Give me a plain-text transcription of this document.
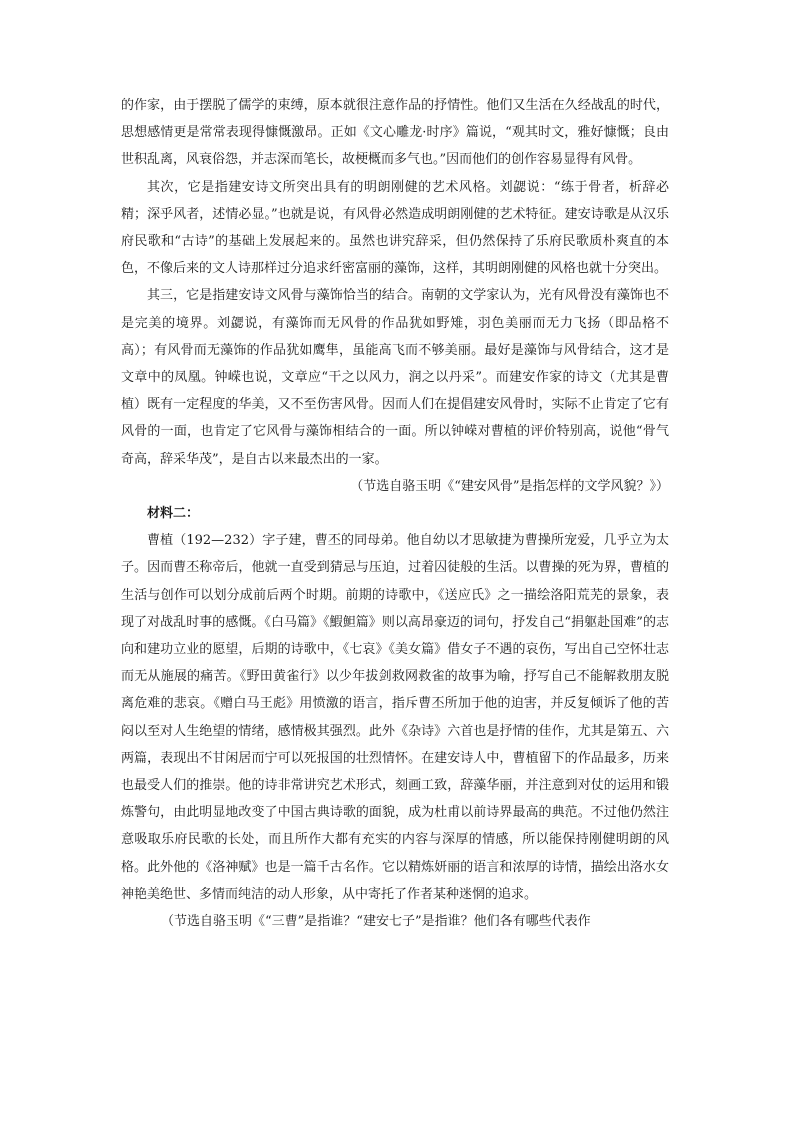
的作家，由于摆脱了儒学的束缚，原本就很注意作品的抒情性。他们又生活在久经战乱的时代，思想感情更是常常表现得慷慨激昂。正如《文心雕龙·时序》篇说，“观其时文，雅好慷慨；良由世积乱离，风衰俗怨，并志深而笔长，故梗概而多气也。”因而他们的创作容易显得有风骨。

其次，它是指建安诗文所突出具有的明朗刚健的艺术风格。刘勰说：“练于骨者，析辞必精；深乎风者，述情必显。”也就是说，有风骨必然造成明朗刚健的艺术特征。建安诗歌是从汉乐府民歌和“古诗”的基础上发展起来的。虽然也讲究辞采，但仍然保持了乐府民歌质朴爽直的本色，不像后来的文人诗那样过分追求纤密富丽的藻饰，这样，其明朗刚健的风格也就十分突出。

其三，它是指建安诗文风骨与藻饰恰当的结合。南朝的文学家认为，光有风骨没有藻饰也不是完美的境界。刘勰说，有藻饰而无风骨的作品犹如野雉，羽色美丽而无力飞扬（即品格不高）；有风骨而无藻饰的作品犹如鹰隼，虽能高飞而不够美丽。最好是藻饰与风骨结合，这才是文章中的凤凰。钟嵘也说，文章应“干之以风力，润之以丹采”。而建安作家的诗文（尤其是曹植）既有一定程度的华美，又不至伤害风骨。因而人们在提倡建安风骨时，实际不止肯定了它有风骨的一面，也肯定了它风骨与藻饰相结合的一面。所以钟嵘对曹植的评价特别高，说他“骨气奇高，辞采华茂”，是自古以来最杰出的一家。

（节选自骆玉明《“建安风骨”是指怎样的文学风貌？》）

材料二：

曹植（192—232）字子建，曹丕的同母弟。他自幼以才思敏捷为曹操所宠爱，几乎立为太子。因而曹丕称帝后，他就一直受到猜忌与压迫，过着囚徒般的生活。以曹操的死为界，曹植的生活与创作可以划分成前后两个时期。前期的诗歌中，《送应氏》之一描绘洛阳荒芜的景象，表现了对战乱时事的感慨。《白马篇》《鰕䱇篇》则以高昂豪迈的词句，抒发自己“捐躯赴国难”的志向和建功立业的愿望，后期的诗歌中，《七哀》《美女篇》借女子不遇的哀伤，写出自己空怀壮志而无从施展的痛苦。《野田黄雀行》以少年拔剑救网救雀的故事为喻，抒写自己不能解救朋友脱离危难的悲哀。《赠白马王彪》用愤激的语言，指斥曹丕所加于他的迫害，并反复倾诉了他的苦闷以至对人生绝望的情绪，感情极其强烈。此外《杂诗》六首也是抒情的佳作，尤其是第五、六两篇，表现出不甘闲居而宁可以死报国的壮烈情怀。在建安诗人中，曹植留下的作品最多，历来也最受人们的推崇。他的诗非常讲究艺术形式，刻画工致，辞藻华丽，并注意到对仗的运用和锻炼警句，由此明显地改变了中国古典诗歌的面貌，成为杜甫以前诗界最高的典范。不过他仍然注意吸取乐府民歌的长处，而且所作大都有充实的内容与深厚的情感，所以能保持刚健明朗的风格。此外他的《洛神赋》也是一篇千古名作。它以精炼妍丽的语言和浓厚的诗情，描绘出洛水女神艳美绝世、多情而纯洁的动人形象，从中寄托了作者某种迷惘的追求。

（节选自骆玉明《“三曹”是指谁？“建安七子”是指谁？他们各有哪些代表作
